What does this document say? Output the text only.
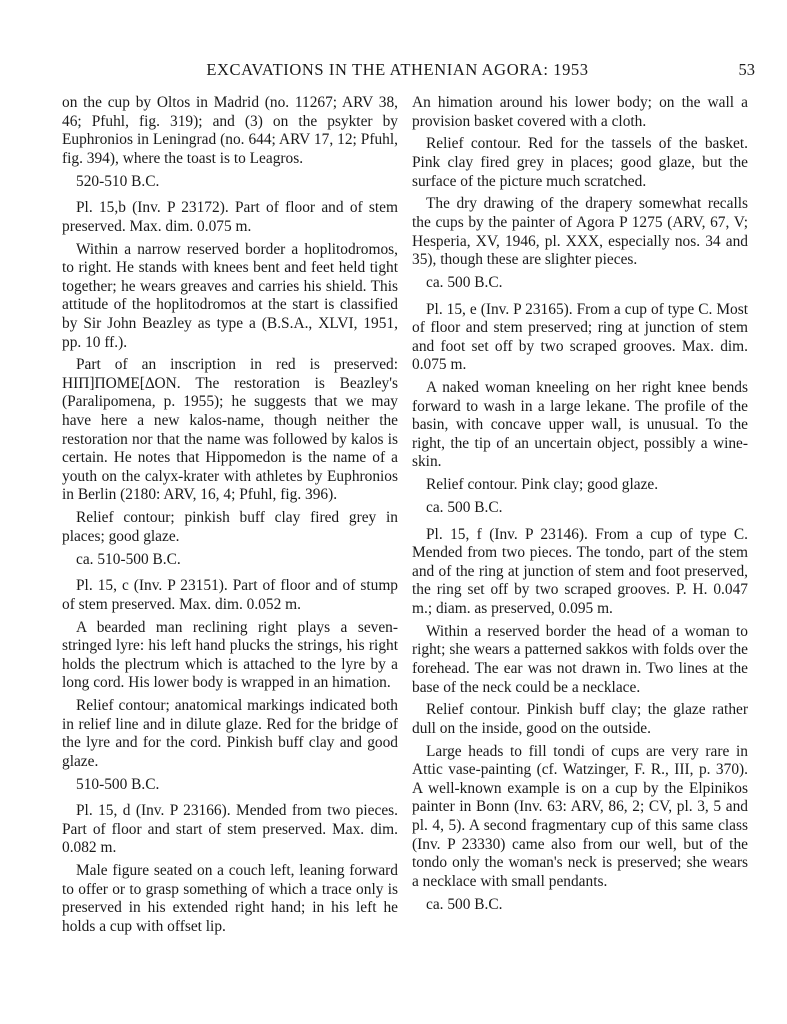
EXCAVATIONS IN THE ATHENIAN AGORA: 1953	53

on the cup by Oltos in Madrid (no. 11267; ARV 38, 46; Pfuhl, fig. 319); and (3) on the psykter by Euphronios in Leningrad (no. 644; ARV 17, 12; Pfuhl, fig. 394), where the toast is to Leagros.

520-510 B.C.

Pl. 15,b (Inv. P 23172). Part of floor and of stem preserved. Max. dim. 0.075 m.

Within a narrow reserved border a hoplitodromos, to right. He stands with knees bent and feet held tight together; he wears greaves and carries his shield. This attitude of the hoplitodromos at the start is classified by Sir John Beazley as type a (B.S.A., XLVI, 1951, pp. 10 ff.).

Part of an inscription in red is preserved: ΗΙΠ]ΠΟΜΕ[ΔΟΝ. The restoration is Beazley's (Paralipomena, p. 1955); he suggests that we may have here a new kalos-name, though neither the restoration nor that the name was followed by kalos is certain. He notes that Hippomedon is the name of a youth on the calyx-krater with athletes by Euphronios in Berlin (2180: ARV, 16, 4; Pfuhl, fig. 396).

Relief contour; pinkish buff clay fired grey in places; good glaze.

ca. 510-500 B.C.

Pl. 15, c (Inv. P 23151). Part of floor and of stump of stem preserved. Max. dim. 0.052 m.

A bearded man reclining right plays a seven-stringed lyre: his left hand plucks the strings, his right holds the plectrum which is attached to the lyre by a long cord. His lower body is wrapped in an himation.

Relief contour; anatomical markings indicated both in relief line and in dilute glaze. Red for the bridge of the lyre and for the cord. Pinkish buff clay and good glaze.

510-500 B.C.

Pl. 15, d (Inv. P 23166). Mended from two pieces. Part of floor and start of stem preserved. Max. dim. 0.082 m.

Male figure seated on a couch left, leaning forward to offer or to grasp something of which a trace only is preserved in his extended right hand; in his left he holds a cup with offset lip.

An himation around his lower body; on the wall a provision basket covered with a cloth.

Relief contour. Red for the tassels of the basket. Pink clay fired grey in places; good glaze, but the surface of the picture much scratched.

The dry drawing of the drapery somewhat recalls the cups by the painter of Agora P 1275 (ARV, 67, V; Hesperia, XV, 1946, pl. XXX, especially nos. 34 and 35), though these are slighter pieces.

ca. 500 B.C.

Pl. 15, e (Inv. P 23165). From a cup of type C. Most of floor and stem preserved; ring at junction of stem and foot set off by two scraped grooves. Max. dim. 0.075 m.

A naked woman kneeling on her right knee bends forward to wash in a large lekane. The profile of the basin, with concave upper wall, is unusual. To the right, the tip of an uncertain object, possibly a wine-skin.

Relief contour. Pink clay; good glaze.

ca. 500 B.C.

Pl. 15, f (Inv. P 23146). From a cup of type C. Mended from two pieces. The tondo, part of the stem and of the ring at junction of stem and foot preserved, the ring set off by two scraped grooves. P. H. 0.047 m.; diam. as preserved, 0.095 m.

Within a reserved border the head of a woman to right; she wears a patterned sakkos with folds over the forehead. The ear was not drawn in. Two lines at the base of the neck could be a necklace.

Relief contour. Pinkish buff clay; the glaze rather dull on the inside, good on the outside.

Large heads to fill tondi of cups are very rare in Attic vase-painting (cf. Watzinger, F. R., III, p. 370). A well-known example is on a cup by the Elpinikos painter in Bonn (Inv. 63: ARV, 86, 2; CV, pl. 3, 5 and pl. 4, 5). A second fragmentary cup of this same class (Inv. P 23330) came also from our well, but of the tondo only the woman's neck is preserved; she wears a necklace with small pendants.

ca. 500 B.C.
